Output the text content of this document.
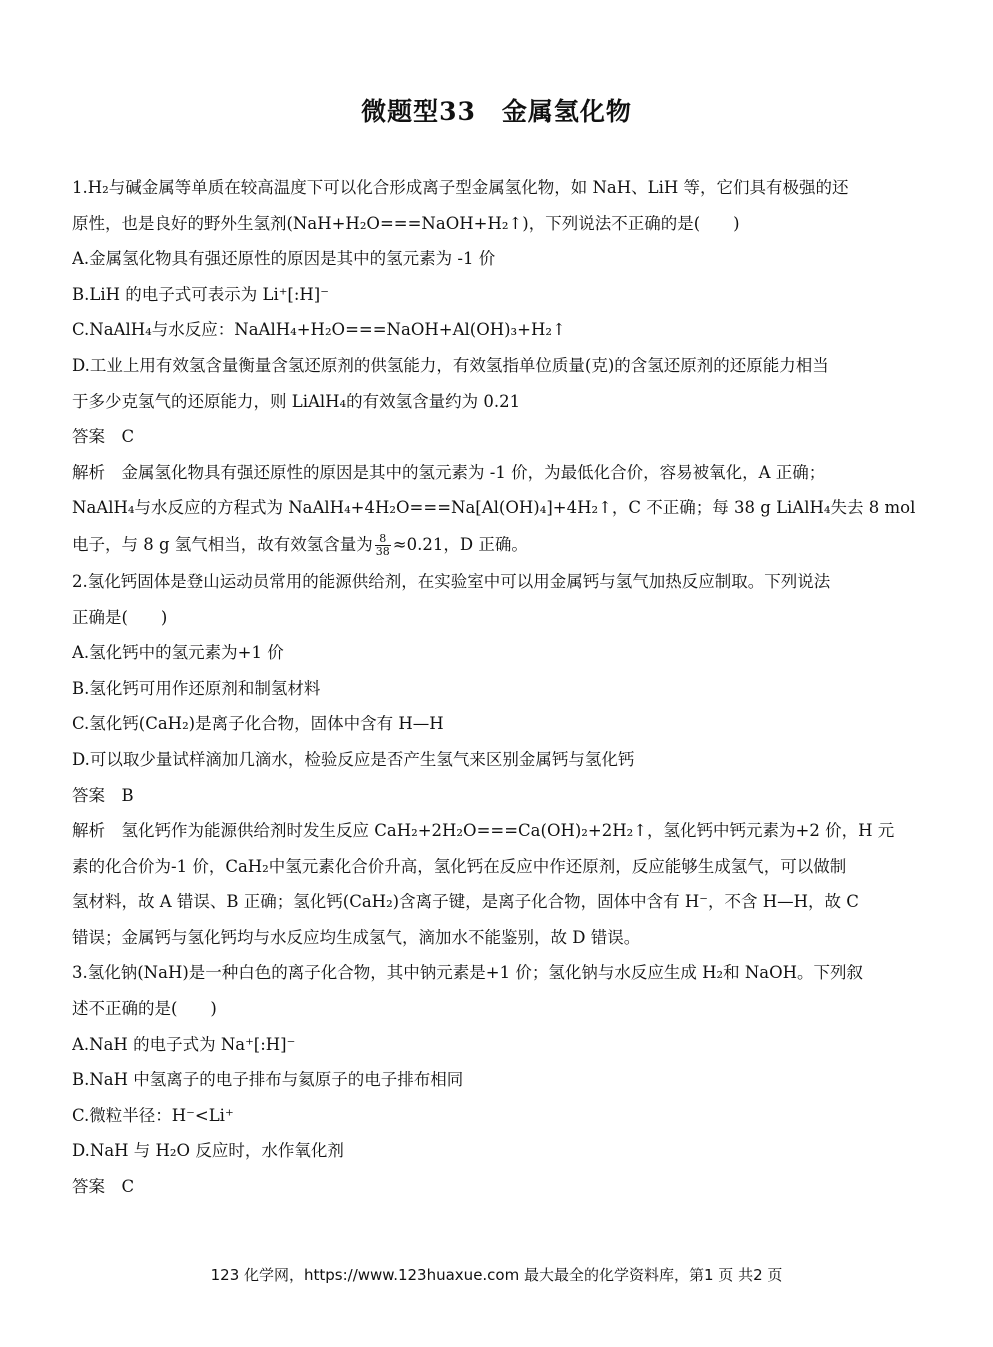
微题型33　金属氢化物
1.H₂与碱金属等单质在较高温度下可以化合形成离子型金属氢化物，如 NaH、LiH 等，它们具有极强的还
原性，也是良好的野外生氢剂(NaH+H₂O===NaOH+H₂↑)，下列说法不正确的是(　　)
A.金属氢化物具有强还原性的原因是其中的氢元素为 -1 价
B.LiH 的电子式可表示为 Li⁺[:H]⁻
C.NaAlH₄与水反应：NaAlH₄+H₂O===NaOH+Al(OH)₃+H₂↑
D.工业上用有效氢含量衡量含氢还原剂的供氢能力，有效氢指单位质量(克)的含氢还原剂的还原能力相当
于多少克氢气的还原能力，则 LiAlH₄的有效氢含量约为 0.21
答案　C
解析　金属氢化物具有强还原性的原因是其中的氢元素为 -1 价，为最低化合价，容易被氧化，A 正确；
NaAlH₄与水反应的方程式为 NaAlH₄+4H₂O===Na[Al(OH)₄]+4H₂↑，C 不正确；每 38 g LiAlH₄失去 8 mol
电子，与 8 g 氢气相当，故有效氢含量为 $\frac{8}{38} \approx 0.21$，D 正确。
2.氢化钙固体是登山运动员常用的能源供给剂，在实验室中可以用金属钙与氢气加热反应制取。下列说法
正确是(　　)
A.氢化钙中的氢元素为+1 价
B.氢化钙可用作还原剂和制氢材料
C.氢化钙(CaH₂)是离子化合物，固体中含有 H—H
D.可以取少量试样滴加几滴水，检验反应是否产生氢气来区别金属钙与氢化钙
答案　B
解析　氢化钙作为能源供给剂时发生反应 CaH₂+2H₂O===Ca(OH)₂+2H₂↑，氢化钙中钙元素为+2 价，H 元
素的化合价为-1 价，CaH₂中氢元素化合价升高，氢化钙在反应中作还原剂，反应能够生成氢气，可以做制
氢材料，故 A 错误、B 正确；氢化钙(CaH₂)含离子键，是离子化合物，固体中含有 H⁻，不含 H—H，故 C
错误；金属钙与氢化钙均与水反应均生成氢气，滴加水不能鉴别，故 D 错误。
3.氢化钠(NaH)是一种白色的离子化合物，其中钠元素是+1 价；氢化钠与水反应生成 H₂和 NaOH。下列叙
述不正确的是(　　)
A.NaH 的电子式为 Na⁺[:H]⁻
B.NaH 中氢离子的电子排布与氦原子的电子排布相同
C.微粒半径：H⁻<Li⁺
D.NaH 与 H₂O 反应时，水作氧化剂
答案　C
123 化学网，https://www.123huaxue.com 最大最全的化学资料库，第1 页 共2 页
